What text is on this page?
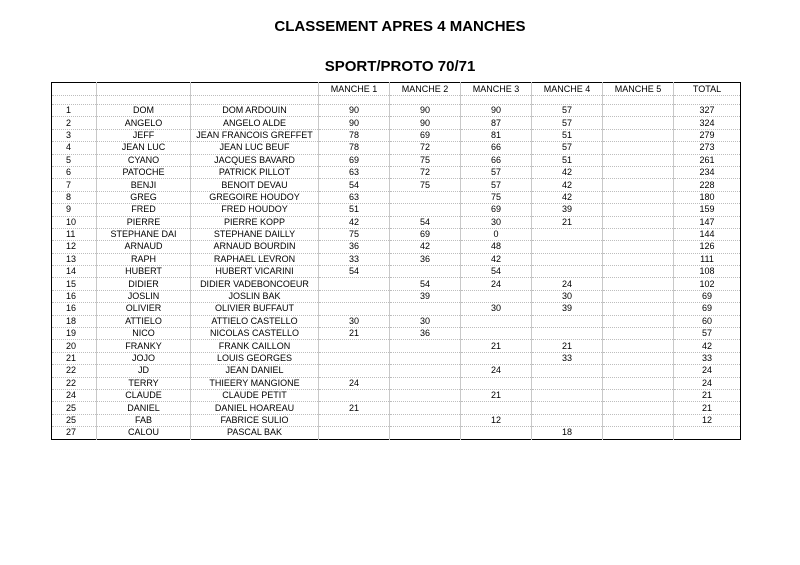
CLASSEMENT APRES 4 MANCHES
SPORT/PROTO 70/71
			MANCHE 1	MANCHE 2	MANCHE 3	MANCHE 4	MANCHE 5	TOTAL

1	DOM	DOM ARDOUIN	90	90	90	57		327
2	ANGELO	ANGELO ALDE	90	90	87	57		324
3	JEFF	JEAN FRANCOIS GREFFET	78	69	81	51		279
4	JEAN LUC	JEAN LUC BEUF	78	72	66	57		273
5	CYANO	JACQUES BAVARD	69	75	66	51		261
6	PATOCHE	PATRICK PILLOT	63	72	57	42		234
7	BENJI	BENOIT DEVAU	54	75	57	42		228
8	GREG	GREGOIRE HOUDOY	63		75	42		180
9	FRED	FRED HOUDOY	51		69	39		159
10	PIERRE	PIERRE KOPP	42	54	30	21		147
11	STEPHANE DAI	STEPHANE DAILLY	75	69	0			144
12	ARNAUD	ARNAUD BOURDIN	36	42	48			126
13	RAPH	RAPHAEL LEVRON	33	36	42			111
14	HUBERT	HUBERT VICARINI	54		54			108
15	DIDIER	DIDIER VADEBONCOEUR		54	24	24		102
16	JOSLIN	JOSLIN BAK		39		30		69
16	OLIVIER	OLIVIER BUFFAUT			30	39		69
18	ATTIELO	ATTIELO CASTELLO	30	30				60
19	NICO	NICOLAS CASTELLO	21	36				57
20	FRANKY	FRANK CAILLON			21	21		42
21	JOJO	LOUIS GEORGES				33		33
22	JD	JEAN DANIEL			24			24
22	TERRY	THIEERY MANGIONE	24					24
24	CLAUDE	CLAUDE PETIT			21			21
25	DANIEL	DANIEL HOAREAU	21					21
25	FAB	FABRICE SULIO			12			12
27	CALOU	PASCAL BAK				18		
